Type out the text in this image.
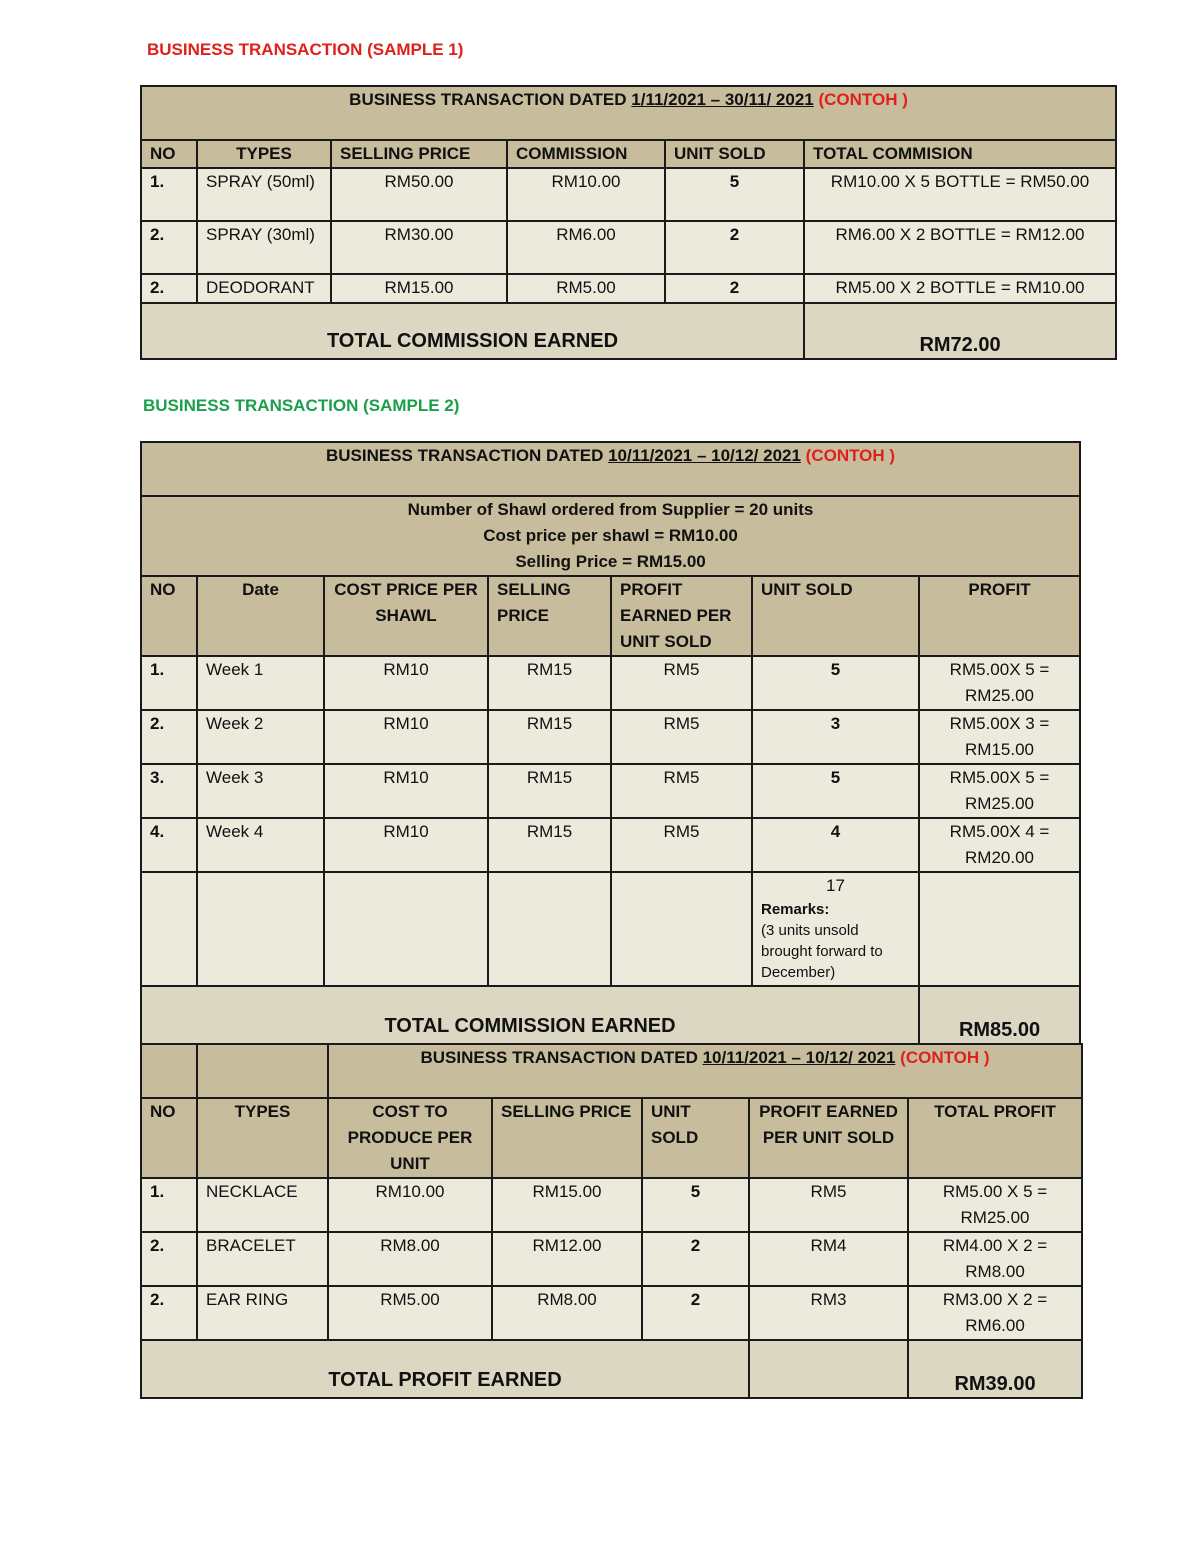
BUSINESS TRANSACTION (SAMPLE 1)

BUSINESS TRANSACTION DATED 1/11/2021 – 30/11/ 2021 (CONTOH )					
NO	TYPES	SELLING PRICE	COMMISSION	UNIT SOLD	TOTAL COMMISION
1.	SPRAY (50ml)	RM50.00	RM10.00	5	RM10.00 X 5 BOTTLE = RM50.00
2.	SPRAY (30ml)	RM30.00	RM6.00	2	RM6.00 X 2 BOTTLE = RM12.00
2.	DEODORANT	RM15.00	RM5.00	2	RM5.00 X 2 BOTTLE = RM10.00
TOTAL COMMISSION EARNED					RM72.00

BUSINESS TRANSACTION (SAMPLE 2)

BUSINESS TRANSACTION DATED 10/11/2021 – 10/12/ 2021 (CONTOH )						

Number of Shawl ordered from Supplier = 20 units
Cost price per shawl = RM10.00
Selling Price = RM15.00						

NO	Date	COST PRICE PER SHAWL	SELLING PRICE	PROFIT EARNED PER UNIT SOLD	UNIT SOLD	PROFIT
1.	Week 1	RM10	RM15	RM5	5	RM5.00X 5 = RM25.00
2.	Week 2	RM10	RM15	RM5	3	RM5.00X 3 = RM15.00
3.	Week 3	RM10	RM15	RM5	5	RM5.00X 5 = RM25.00
4.	Week 4	RM10	RM15	RM5	4	RM5.00X 4 = RM20.00

					17
Remarks:
(3 units unsold brought forward to December)	

TOTAL COMMISSION EARNED						RM85.00
		BUSINESS TRANSACTION DATED 10/11/2021 – 10/12/ 2021 (CONTOH )				
NO	TYPES	COST TO PRODUCE PER UNIT	SELLING PRICE	UNIT SOLD	PROFIT EARNED PER UNIT SOLD	TOTAL PROFIT
1.	NECKLACE	RM10.00	RM15.00	5	RM5	RM5.00 X 5 = RM25.00
2.	BRACELET	RM8.00	RM12.00	2	RM4	RM4.00 X 2 = RM8.00
2.	EAR RING	RM5.00	RM8.00	2	RM3	RM3.00 X 2 = RM6.00
TOTAL PROFIT EARNED						RM39.00
